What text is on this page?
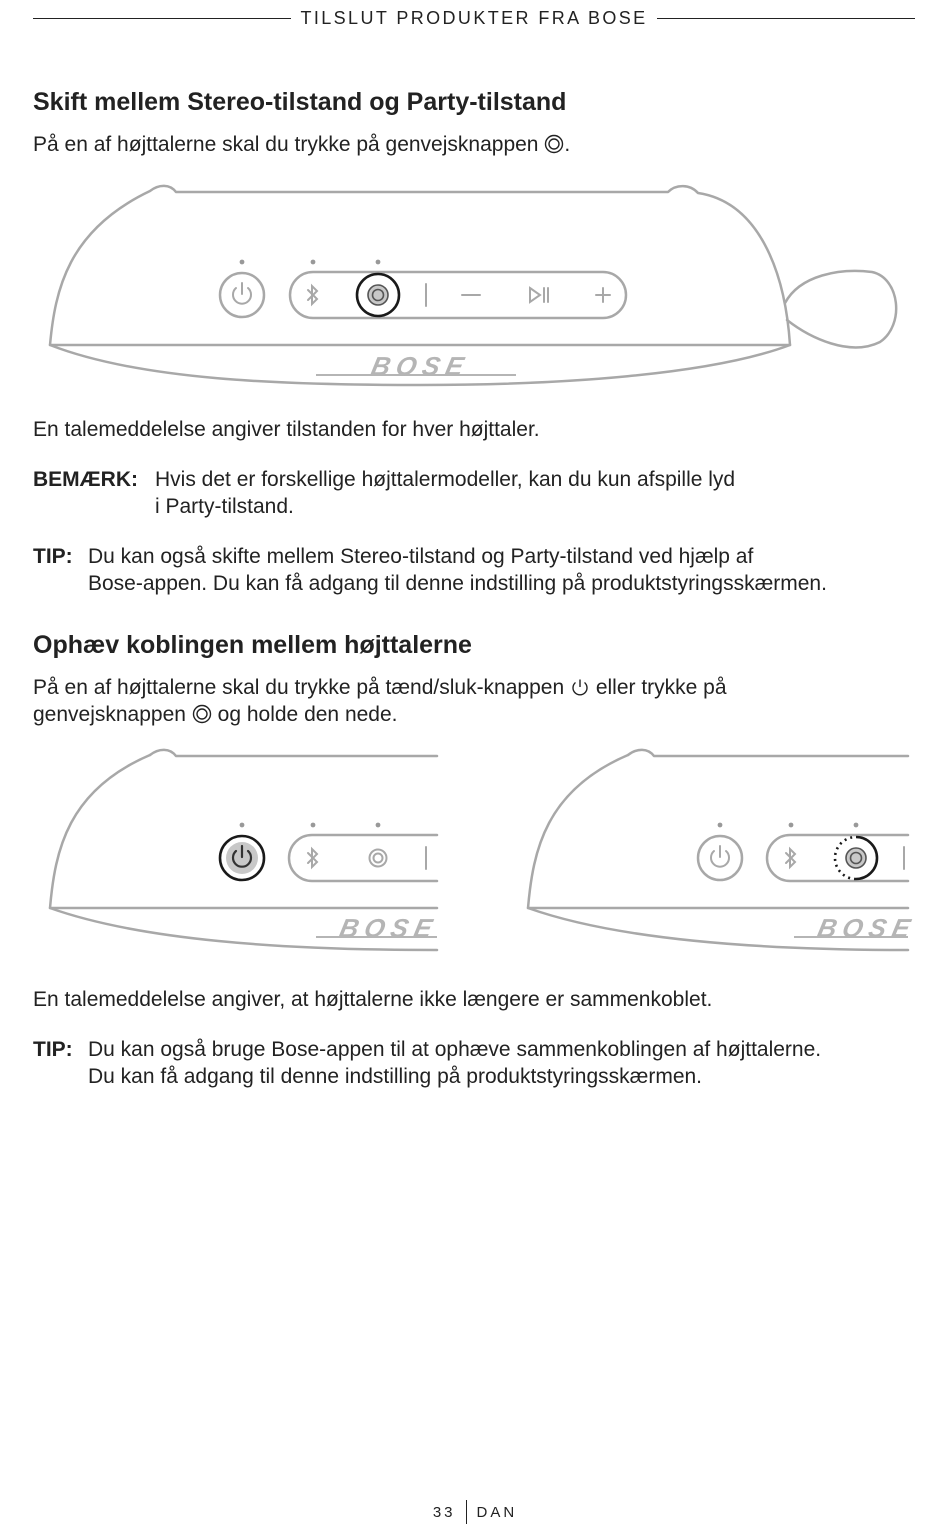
TILSLUT PRODUKTER FRA BOSE
Skift mellem Stereo-tilstand og Party-tilstand
På en af højttalerne skal du trykke på genvejsknappen .
BOSE
En talemeddelelse angiver tilstanden for hver højttaler.
BEMÆRK: Hvis det er forskellige højttalermodeller, kan du kun afspille lyd
i Party-tilstand.
TIP: Du kan også skifte mellem Stereo-tilstand og Party-tilstand ved hjælp af
Bose-appen. Du kan få adgang til denne indstilling på produktstyringsskærmen.
Ophæv koblingen mellem højttalerne
På en af højttalerne skal du trykke på tænd/sluk-knappen eller trykke på
genvejsknappen og holde den nede.
BOSE	BOSE
En talemeddelelse angiver, at højttalerne ikke længere er sammenkoblet.
TIP: Du kan også bruge Bose-appen til at ophæve sammenkoblingen af højttalerne.
Du kan få adgang til denne indstilling på produktstyringsskærmen.
33 DAN
